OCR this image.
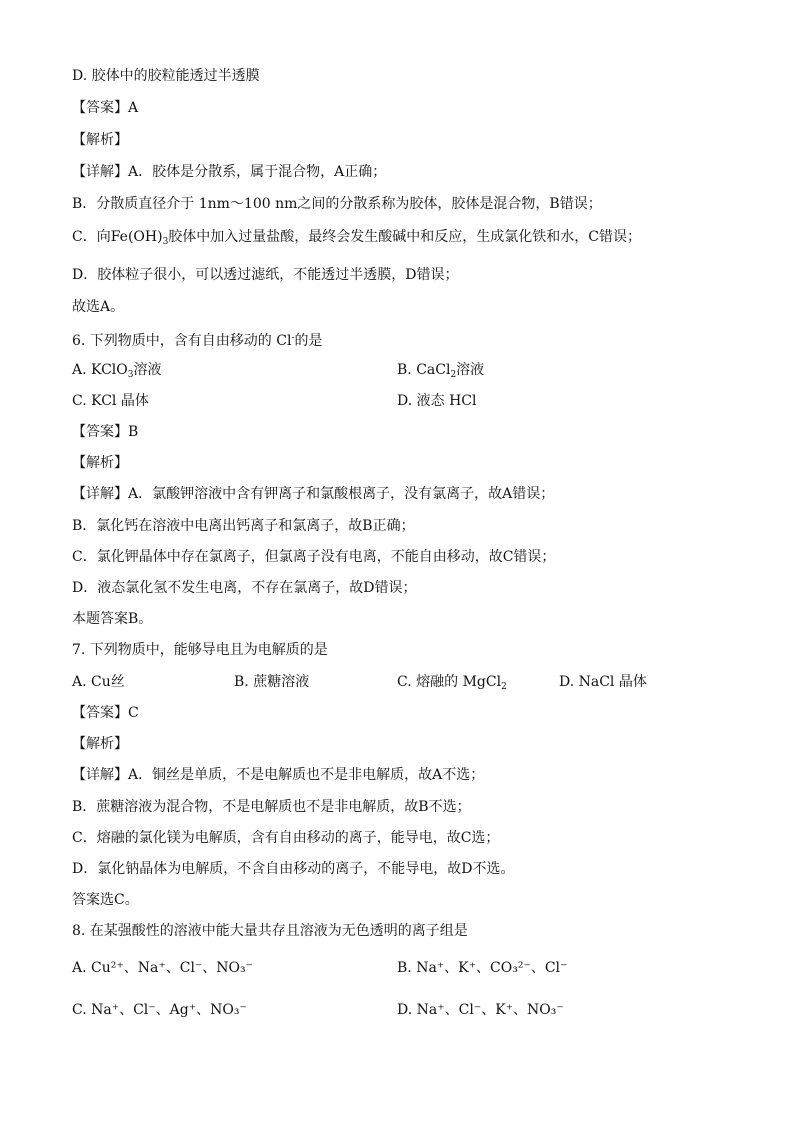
D. 胶体中的胶粒能透过半透膜
【答案】A
【解析】
【详解】A．胶体是分散系，属于混合物，A正确；
B．分散质直径介于 1nm～100 nm之间的分散系称为胶体，胶体是混合物，B错误；
C．向$Fe(OH)_3$胶体中加入过量盐酸，最终会发生酸碱中和反应，生成氯化铁和水，C错误；
D．胶体粒子很小，可以透过滤纸，不能透过半透膜，D错误；
故选A。
6. 下列物质中，含有自由移动的 Cl-的是
A. KClO$_3$溶液	B. CaCl$_2$溶液
C. KCl 晶体	D. 液态 HCl
【答案】B
【解析】
【详解】A．氯酸钾溶液中含有钾离子和氯酸根离子，没有氯离子，故A错误；
B．氯化钙在溶液中电离出钙离子和氯离子，故B正确；
C．氯化钾晶体中存在氯离子，但氯离子没有电离，不能自由移动，故C错误；
D．液态氯化氢不发生电离，不存在氯离子，故D错误；
本题答案B。
7. 下列物质中，能够导电且为电解质的是
A. Cu丝	B. 蔗糖溶液	C. 熔融的 MgCl$_2$	D. NaCl 晶体
【答案】C
【解析】
【详解】A．铜丝是单质，不是电解质也不是非电解质，故A不选；
B．蔗糖溶液为混合物，不是电解质也不是非电解质，故B不选；
C．熔融的氯化镁为电解质，含有自由移动的离子，能导电，故C选；
D．氯化钠晶体为电解质，不含自由移动的离子，不能导电，故D不选。
答案选C。
8. 在某强酸性的溶液中能大量共存且溶液为无色透明的离子组是
A. Cu²⁺、Na⁺、Cl⁻、NO₃⁻	B. Na⁺、K⁺、CO₃²⁻、Cl⁻
C. Na⁺、Cl⁻、Ag⁺、NO₃⁻	D. Na⁺、Cl⁻、K⁺、NO₃⁻
